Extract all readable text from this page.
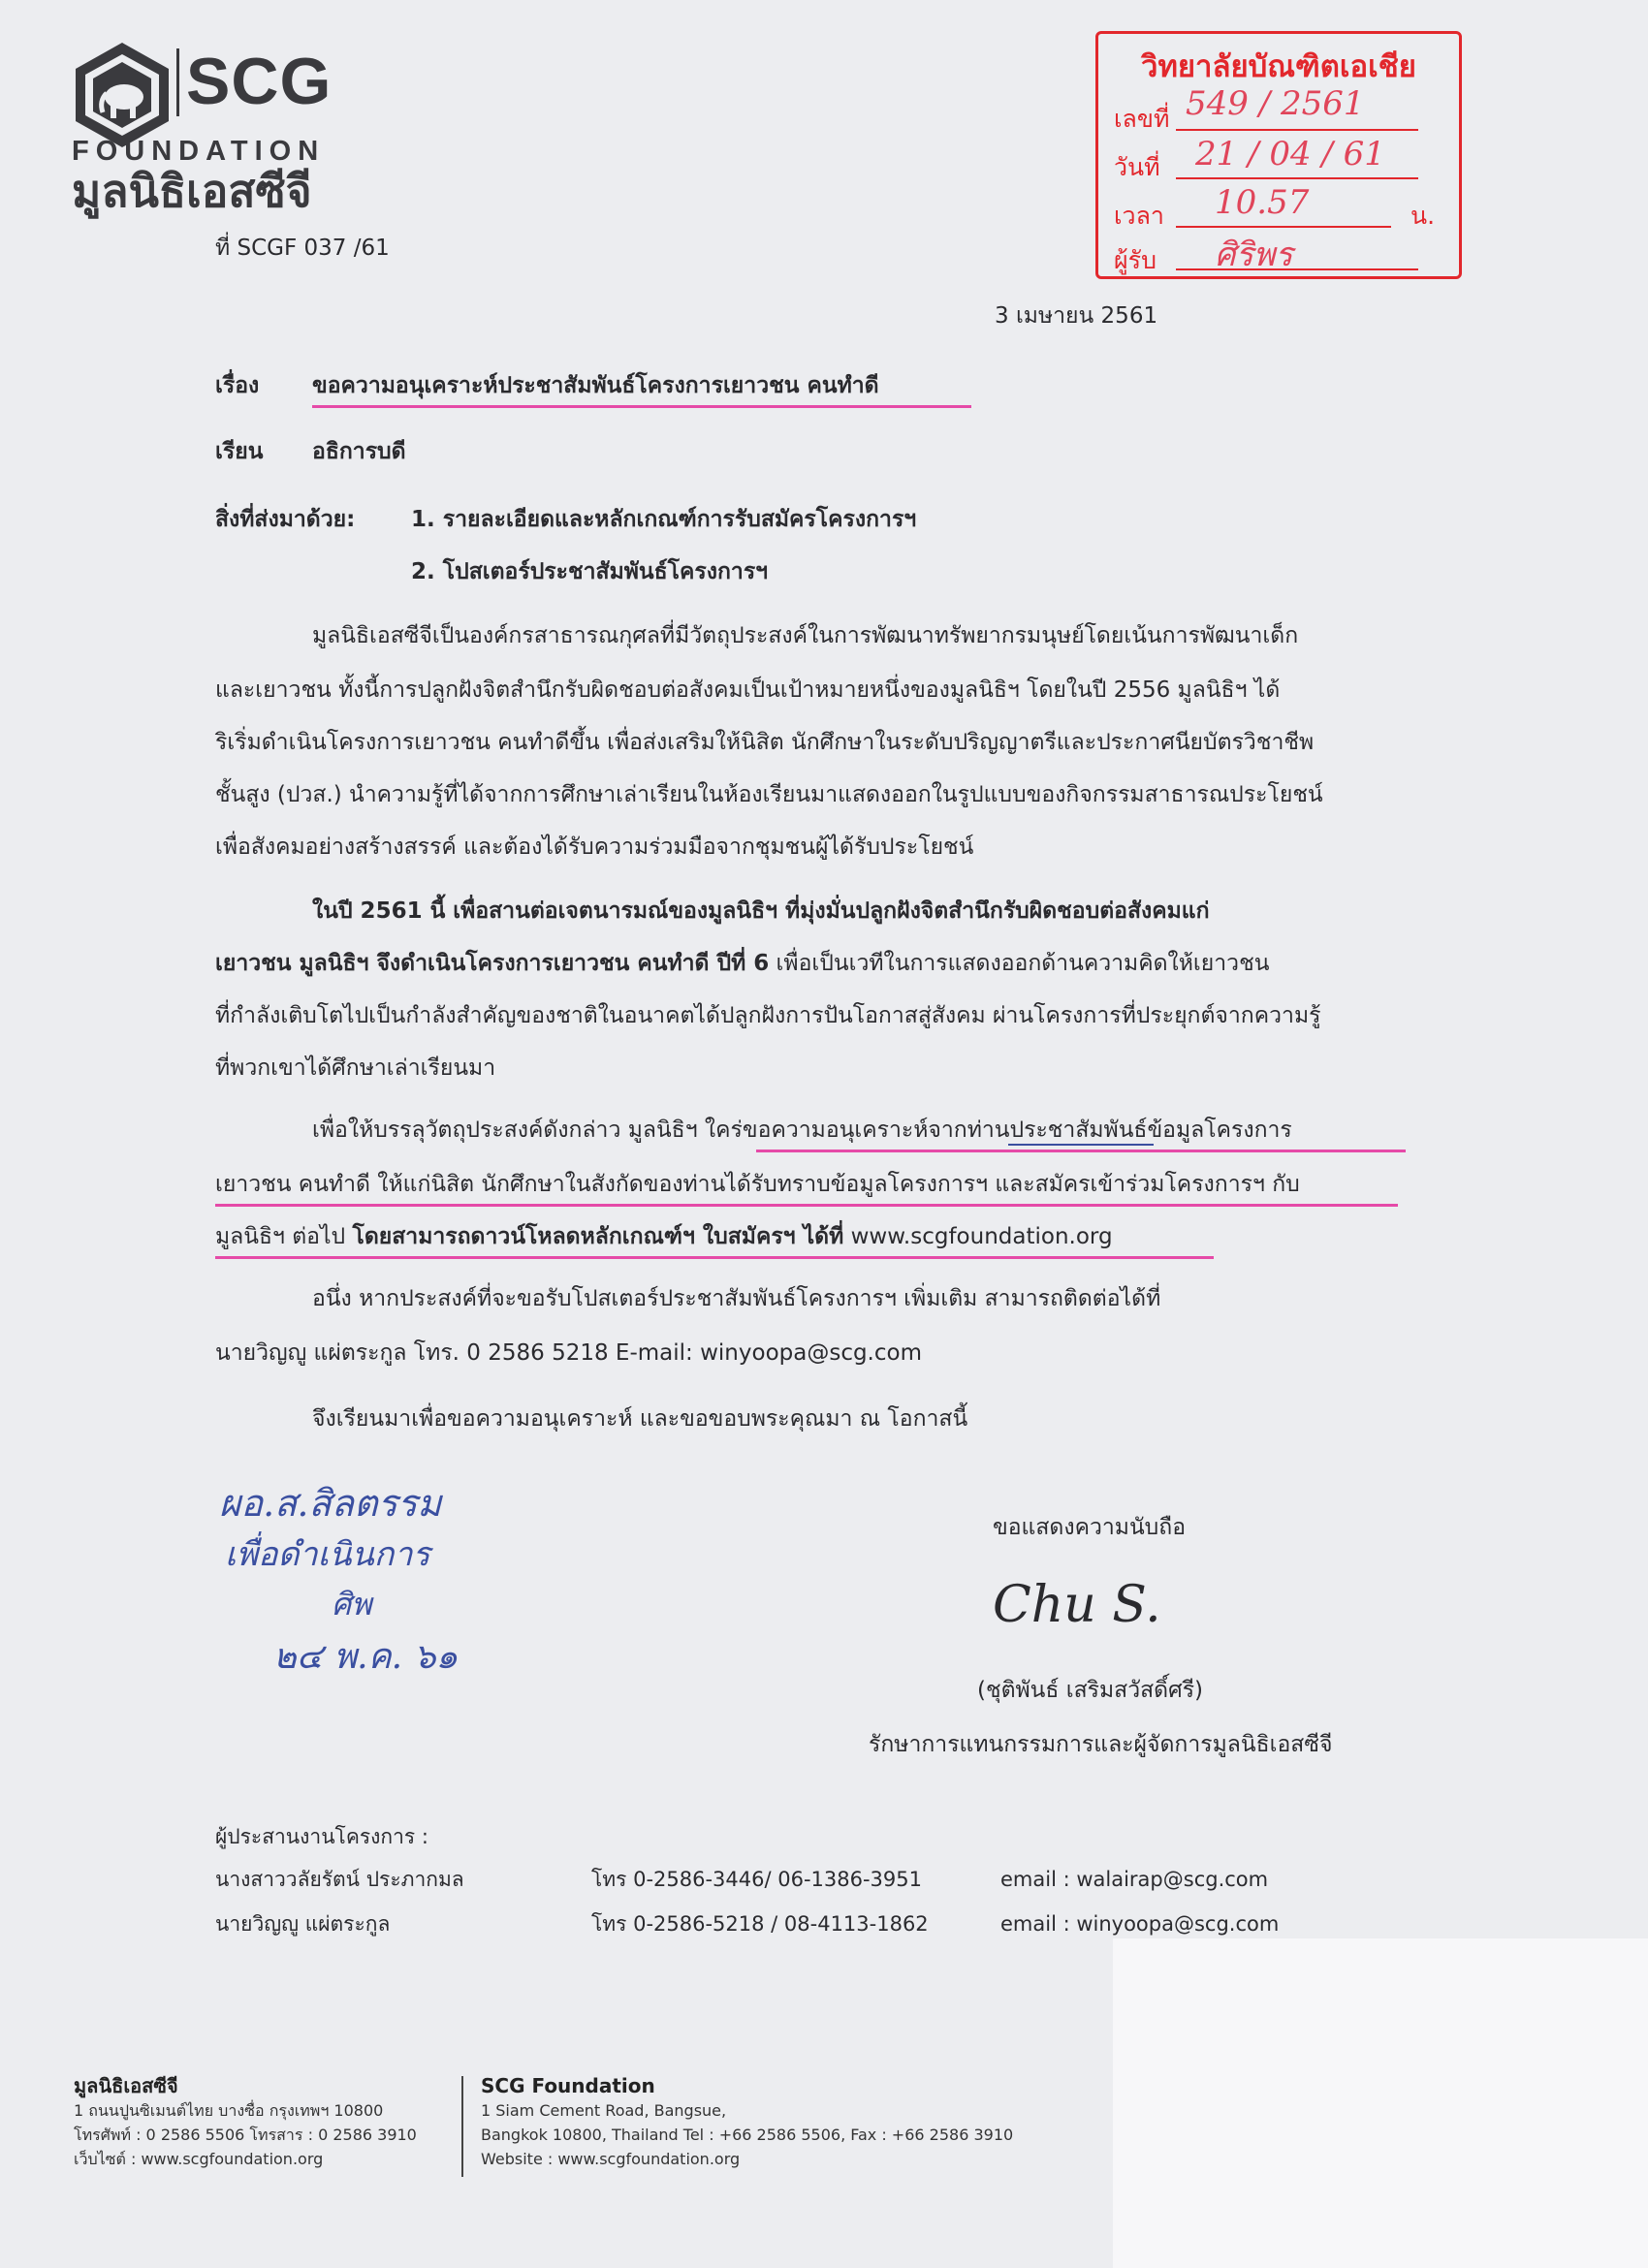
SCG
FOUNDATION
มูลนิธิเอสซีจี
ที่ SCGF 037 /61
วิทยาลัยบัณฑิตเอเชีย
เลขที่ 549 / 2561
วันที่ 21 / 04 / 61
เวลา 10.57	น.
ผู้รับ ศิริพร
3 เมษายน 2561
เรื่อง ขอความอนุเคราะห์ประชาสัมพันธ์โครงการเยาวชน คนทำดี
เรียน อธิการบดี
สิ่งที่ส่งมาด้วย:	1. รายละเอียดและหลักเกณฑ์การรับสมัครโครงการฯ
2. โปสเตอร์ประชาสัมพันธ์โครงการฯ
มูลนิธิเอสซีจีเป็นองค์กรสาธารณกุศลที่มีวัตถุประสงค์ในการพัฒนาทรัพยากรมนุษย์โดยเน้นการพัฒนาเด็ก
และเยาวชน ทั้งนี้การปลูกฝังจิตสำนึกรับผิดชอบต่อสังคมเป็นเป้าหมายหนึ่งของมูลนิธิฯ โดยในปี 2556 มูลนิธิฯ ได้
ริเริ่มดำเนินโครงการเยาวชน คนทำดีขึ้น เพื่อส่งเสริมให้นิสิต นักศึกษาในระดับปริญญาตรีและประกาศนียบัตรวิชาชีพ
ชั้นสูง (ปวส.) นำความรู้ที่ได้จากการศึกษาเล่าเรียนในห้องเรียนมาแสดงออกในรูปแบบของกิจกรรมสาธารณประโยชน์
เพื่อสังคมอย่างสร้างสรรค์ และต้องได้รับความร่วมมือจากชุมชนผู้ได้รับประโยชน์
ในปี 2561 นี้ เพื่อสานต่อเจตนารมณ์ของมูลนิธิฯ ที่มุ่งมั่นปลูกฝังจิตสำนึกรับผิดชอบต่อสังคมแก่
เยาวชน มูลนิธิฯ จึงดำเนินโครงการเยาวชน คนทำดี ปีที่ 6 เพื่อเป็นเวทีในการแสดงออกด้านความคิดให้เยาวชน
ที่กำลังเติบโตไปเป็นกำลังสำคัญของชาติในอนาคตได้ปลูกฝังการปันโอกาสสู่สังคม ผ่านโครงการที่ประยุกต์จากความรู้
ที่พวกเขาได้ศึกษาเล่าเรียนมา
เพื่อให้บรรลุวัตถุประสงค์ดังกล่าว มูลนิธิฯ ใคร่ขอความอนุเคราะห์จากท่านประชาสัมพันธ์ข้อมูลโครงการ
เยาวชน คนทำดี ให้แก่นิสิต นักศึกษาในสังกัดของท่านได้รับทราบข้อมูลโครงการฯ และสมัครเข้าร่วมโครงการฯ กับ
มูลนิธิฯ ต่อไป โดยสามารถดาวน์โหลดหลักเกณฑ์ฯ ใบสมัครฯ ได้ที่ www.scgfoundation.org
อนึ่ง หากประสงค์ที่จะขอรับโปสเตอร์ประชาสัมพันธ์โครงการฯ เพิ่มเติม สามารถติดต่อได้ที่
นายวิญญู แผ่ตระกูล โทร. 0 2586 5218 E-mail: winyoopa@scg.com
จึงเรียนมาเพื่อขอความอนุเคราะห์ และขอขอบพระคุณมา ณ โอกาสนี้
ผอ.ส.สิลตรรม
เพื่อดำเนินการ
ศิพ
๒๔ พ.ค. ๖๑
ขอแสดงความนับถือ
Chu S.
(ชุติพันธ์ เสริมสวัสดิ์ศรี)
รักษาการแทนกรรมการและผู้จัดการมูลนิธิเอสซีจี
ผู้ประสานงานโครงการ :
นางสาววลัยรัตน์ ประภากมล	โทร 0-2586-3446/ 06-1386-3951	email : walairap@scg.com
นายวิญญู แผ่ตระกูล	โทร 0-2586-5218 / 08-4113-1862	email : winyoopa@scg.com
มูลนิธิเอสซีจี
1 ถนนปูนซิเมนต์ไทย บางซื่อ กรุงเทพฯ 10800
โทรศัพท์ : 0 2586 5506 โทรสาร : 0 2586 3910
เว็บไซต์ : www.scgfoundation.org
SCG Foundation
1 Siam Cement Road, Bangsue,
Bangkok 10800, Thailand Tel : +66 2586 5506, Fax : +66 2586 3910
Website : www.scgfoundation.org
